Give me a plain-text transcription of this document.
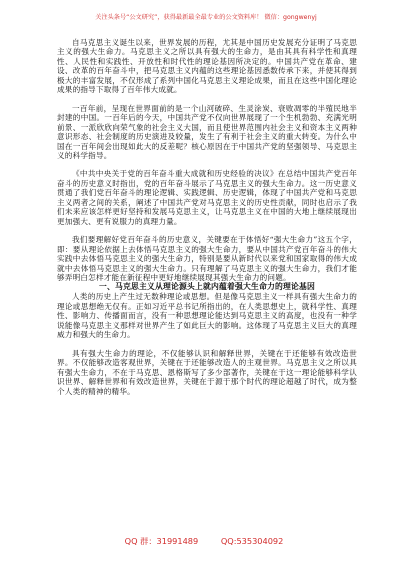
关注头条号“公文研究”，获得最新最全最专业的公文资料库！ 微信：gongwenyj

自马克思主义诞生以来，世界发展的历程，尤其是中国历史发展充分证明了马克思主义的强大生命力。马克思主义之所以具有强大的生命力，是由其具有科学性和真理性、人民性和实践性、开放性和时代性的理论基因所决定的。中国共产党在革命、建设、改革的百年奋斗中，把马克思主义内蕴的这些理论基因悉数传承下来，并使其得到极大的丰富发展，不仅形成了系列中国化马克思主义理论成果，而且在这些中国化理论成果的指导下取得了百年伟大成就。

一百年前，呈现在世界面前的是一个山河破碎、生灵涂炭、衰败凋零的半殖民地半封建的中国。一百年后的今天，中国共产党不仅向世界展现了一个生机勃勃、充满光明前景、一派欣欣向荣气象的社会主义大国，而且使世界范围内社会主义和资本主义两种意识形态、社会制度的历史演进及较量，发生了有利于社会主义的重大转变。为什么中国在一百年间会出现如此大的反差呢？核心原因在于中国共产党的坚强领导、马克思主义的科学指导。

《中共中央关于党的百年奋斗重大成就和历史经验的决议》在总结中国共产党百年奋斗的历史意义时指出，党的百年奋斗展示了马克思主义的强大生命力。这一历史意义贯通了我们党百年奋斗的理论逻辑、实践逻辑、历史逻辑，体现了中国共产党和马克思主义两者之间的关系，阐述了中国共产党对马克思主义的历史性贡献，同时也启示了我们未来应该怎样更好坚持和发展马克思主义，让马克思主义在中国的大地上继续展现出更加强大、更有说服力的真理力量。

我们要理解好党百年奋斗的历史意义，关键要在于体悟好“强大生命力”这五个字，即：要从理论依据上去体悟马克思主义的强大生命力，要从中国共产党百年奋斗的伟大实践中去体悟马克思主义的强大生命力，特别是要从新时代以来党和国家取得的伟大成就中去体悟马克思主义的强大生命力。只有理解了马克思主义的强大生命力，我们才能够弄明白怎样才能在新征程中更好地继续展现其强大生命力的问题。

一、马克思主义从理论源头上就内蕴着强大生命力的理论基因

人类的历史上产生过无数种理论或思想。但是像马克思主义一样具有强大生命力的理论或思想绝无仅有。正如习近平总书记所指出的，在人类思想史上，就科学性、真理性、影响力、传播面而言，没有一种思想理论能达到马克思主义的高度，也没有一种学说能像马克思主义那样对世界产生了如此巨大的影响。这体现了马克思主义巨大的真理威力和强大的生命力。

具有强大生命力的理论，不仅能够认识和解释世界，关键在于还能够有效改造世界。不仅能够改造客观世界，关键在于还能够改造人的主观世界。马克思主义之所以具有强大生命力，不在于马克思、恩格斯写了多少部著作，关键在于这一理论能够科学认识世界、解释世界和有效改造世界，关键在于源于那个时代的理论超越了时代，成为整个人类的精神的精华。

QQ 群：31991489	QQ:535304092
